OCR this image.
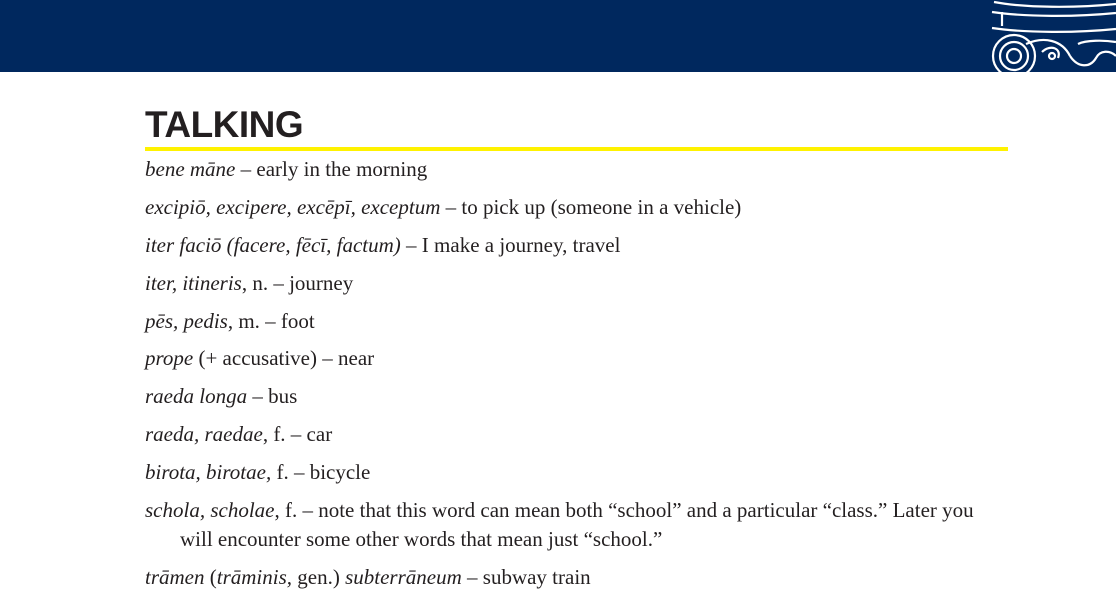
TALKING
bene māne – early in the morning
excipiō, excipere, excēpī, exceptum – to pick up (someone in a vehicle)
iter faciō (facere, fēcī, factum) – I make a journey, travel
iter, itineris, n. – journey
pēs, pedis, m. – foot
prope (+ accusative) – near
raeda longa – bus
raeda, raedae, f. – car
birota, birotae, f. – bicycle
schola, scholae, f. – note that this word can mean both “school” and a particular “class.” Later you will encounter some other words that mean just “school.”
trāmen (trāminis, gen.) subterrāneum – subway train
